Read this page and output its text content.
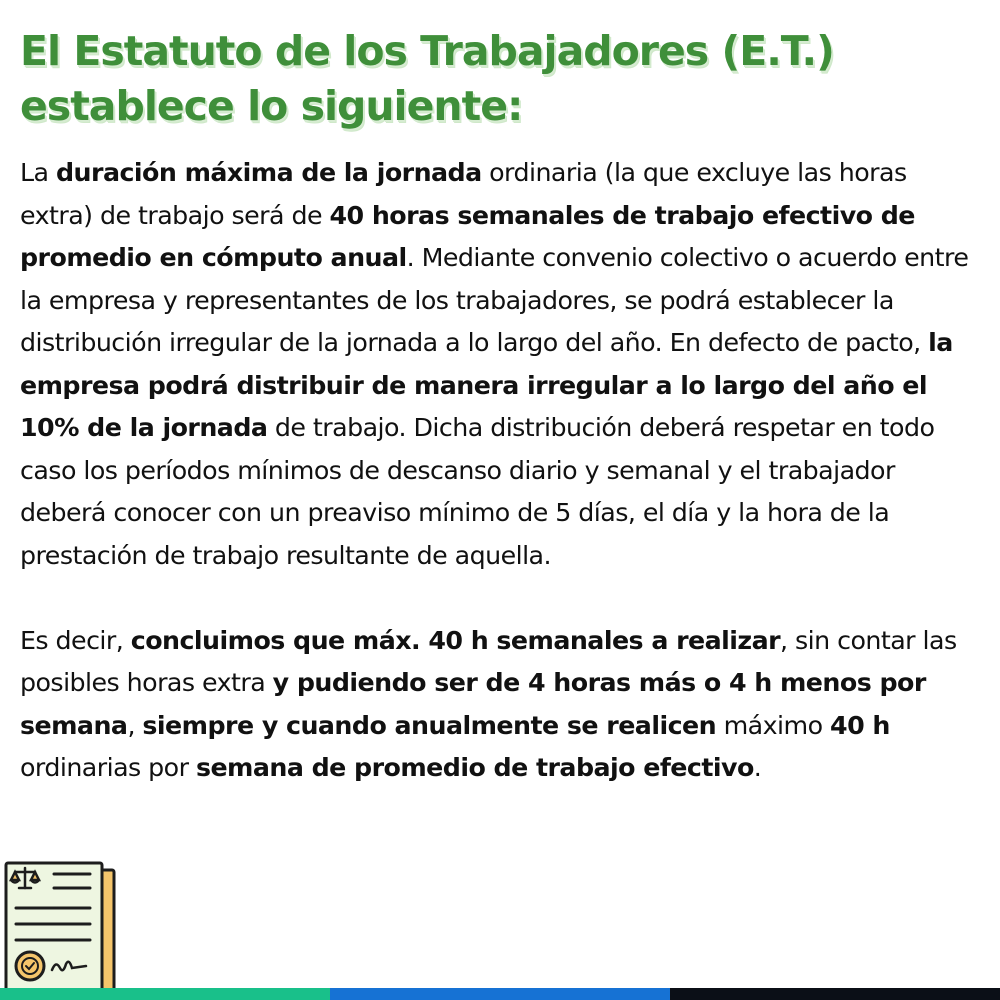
El Estatuto de los Trabajadores (E.T.)
establece lo siguiente:

La duración máxima de la jornada ordinaria (la que excluye las horas extra) de trabajo será de 40 horas semanales de trabajo efectivo de promedio en cómputo anual. Mediante convenio colectivo o acuerdo entre la empresa y representantes de los trabajadores, se podrá establecer la distribución irregular de la jornada a lo largo del año. En defecto de pacto, la empresa podrá distribuir de manera irregular a lo largo del año el 10% de la jornada de trabajo. Dicha distribución deberá respetar en todo caso los períodos mínimos de descanso diario y semanal y el trabajador deberá conocer con un preaviso mínimo de 5 días, el día y la hora de la prestación de trabajo resultante de aquella.

Es decir, concluimos que máx. 40 h semanales a realizar, sin contar las posibles horas extra y pudiendo ser de 4 horas más o 4 h menos por semana, siempre y cuando anualmente se realicen máximo 40 h ordinarias por semana de promedio de trabajo efectivo.
